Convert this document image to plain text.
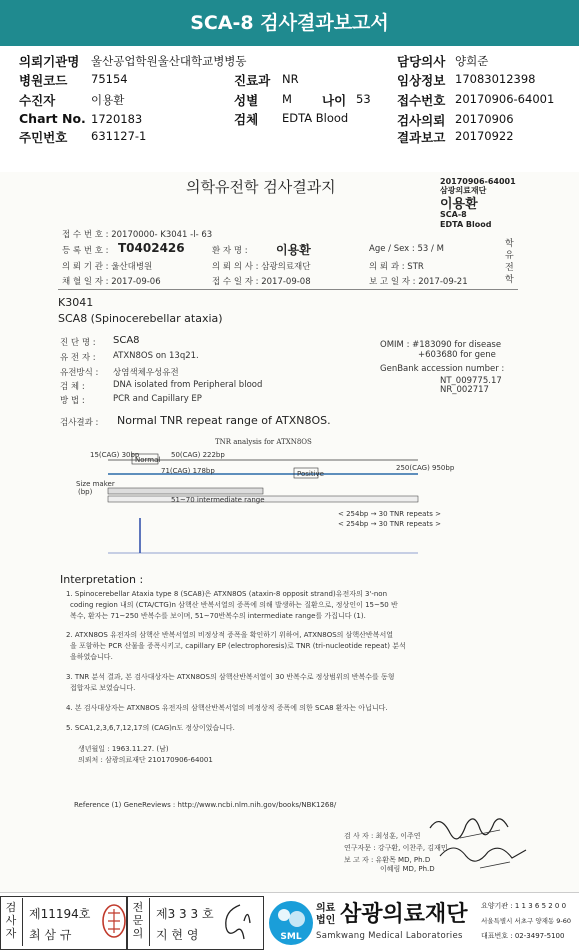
SCA-8 검사결과보고서
의뢰기관명 울산공업학원울산대학교병병동
병원코드 75154
수진자	이용환
Chart No. 1720183
주민번호 631127-1
진료과 NR
성별 M 나이 53
검체 EDTA Blood
담당의사 양희준
임상정보 17083012398
접수번호 20170906-64001
검사의뢰 20170906
결과보고 20170922
의학유전학 검사결과지	20170906-64001
삼광의료재단
이용환
SCA-8
EDTA Blood
학유전학
접 수 번 호 : 20170000- K3041 -l- 63
등 록 번 호 : T0402426	환 자 명 : 이용환	Age / Sex : 53 / M
의 뢰 기 관 : 울산대병원	의 뢰 의 사 : 삼광의료재단	의 뢰 과 : STR
채 혈 일 자 : 2017-09-06	접 수 일 자 : 2017-09-08	보 고 일 자 : 2017-09-21
K3041
SCA8 (Spinocerebellar ataxia)
진 단 명 : SCA8
유 전 자 : ATXN8OS on 13q21.
유전방식 : 상염색체우성유전
검 체 :	DNA isolated from Peripheral blood
방 법 :	PCR and Capillary EP
OMIM : #183090 for disease
+603680 for gene
GenBank accession number :
NT_009775.17
NR_002717
검사결과 : Normal TNR repeat range of ATXN8OS.
TNR analysis for ATXN8OS
15(CAG) 30bp
Normal
50(CAG) 222bp
71(CAG) 178bp	Positive
250(CAG) 950bp
Size maker
(bp)
51~70 intermediate range
< 254bp → 30 TNR repeats >
< 254bp → 30 TNR repeats >
Interpretation :
1. Spinocerebellar Ataxia type 8 (SCA8)은 ATXN8OS (ataxin-8 opposit strand)유전자의 3'-non
coding region 내의 (CTA/CTG)n 삼핵산 반복서열의 증폭에 의해 발생하는 질환으로, 정상인이 15~50 반
복수, 환자는 71~250 반복수를 보이며, 51~70반복수의 intermediate range를 가집니다 (1).
2. ATXN8OS 유전자의 삼핵산 반복서열의 비정상적 증폭을 확인하기 위하여, ATXN8OS의 삼핵산반복서열
을 포함하는 PCR 산물을 증폭시키고, capillary EP (electrophoresis)로 TNR (tri-nucleotide repeat) 분석
을하였습니다.
3. TNR 분석 결과, 본 검사대상자는 ATXN8OS의 삼핵산반복서열이 30 반복수로 정상범위의 반복수를 동형
접합자로 보였습니다.
4. 본 검사대상자는 ATXN8OS 유전자의 삼핵산반복서열의 비정상적 증폭에 의한 SCA8 환자는 아닙니다.
5. SCA1,2,3,6,7,12,17의 (CAG)n도 정상이었습니다.
생년월일 : 1963.11.27. (남)
의뢰처 : 삼광의료재단 210170906-64001
Reference (1) GeneReviews : http://www.ncbi.nlm.nih.gov/books/NBK1268/
검 사 자 : 최성훈, 이주연
연구자문 : 강구환, 이찬주, 김재민
보 고 자 : 유환목 MD, Ph.D
이혜림 MD, Ph.D
검
사
자
제11194호
최 삼 규
전
문
의
제3 3 3 호
지 현 영	SML
의료
법인 삼광의료재단
Samkwang Medical Laboratories
요양기관 : 1 1 3 6 5 2 0 0
서울특별시 서초구 양재동 9-60
대표번호 : 02-3497-5100
